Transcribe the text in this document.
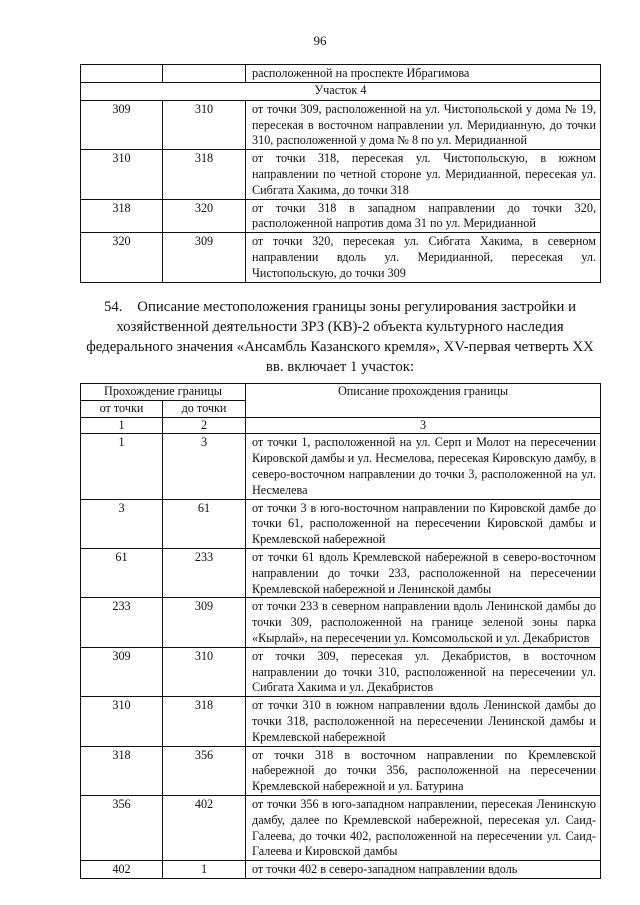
96
		расположенной на проспекте Ибрагимова
Участок 4		
309	310	от точки 309, расположенной на ул. Чистопольской у дома № 19, пересекая в восточном направлении ул. Меридианную, до точки 310, расположенной у дома № 8 по ул. Меридианной
310	318	от точки 318, пересекая ул. Чистопольскую, в южном направлении по четной стороне ул. Меридианной, пересекая ул. Сибгата Хакима, до точки 318
318	320	от точки 318 в западном направлении до точки 320, расположенной напротив дома 31 по ул. Меридианной
320	309	от точки 320, пересекая ул. Сибгата Хакима, в северном направлении вдоль ул. Меридианной, пересекая ул. Чистопольскую, до точки 309
54. Описание местоположения границы зоны регулирования застройки и хозяйственной деятельности ЗРЗ (КВ)-2 объекта культурного наследия федерального значения «Ансамбль Казанского кремля», XV-первая четверть XX вв. включает 1 участок:
Прохождение границы		Описание прохождения границы
от точки	до точки	
1	2	3
1	3	от точки 1, расположенной на ул. Серп и Молот на пересечении Кировской дамбы и ул. Несмелова, пересекая Кировскую дамбу, в северо-восточном направлении до точки 3, расположенной на ул. Несмелева
3	61	от точки 3 в юго-восточном направлении по Кировской дамбе до точки 61, расположенной на пересечении Кировской дамбы и Кремлевской набережной
61	233	от точки 61 вдоль Кремлевской набережной в северо-восточном направлении до точки 233, расположенной на пересечении Кремлевской набережной и Ленинской дамбы
233	309	от точки 233 в северном направлении вдоль Ленинской дамбы до точки 309, расположенной на границе зеленой зоны парка «Кырлай», на пересечении ул. Комсомольской и ул. Декабристов
309	310	от точки 309, пересекая ул. Декабристов, в восточном направлении до точки 310, расположенной на пересечении ул. Сибгата Хакима и ул. Декабристов
310	318	от точки 310 в южном направлении вдоль Ленинской дамбы до точки 318, расположенной на пересечении Ленинской дамбы и Кремлевской набережной
318	356	от точки 318 в восточном направлении по Кремлевской набережной до точки 356, расположенной на пересечении Кремлевской набережной и ул. Батурина
356	402	от точки 356 в юго-западном направлении, пересекая Ленинскую дамбу, далее по Кремлевской набережной, пересекая ул. Саид-Галеева, до точки 402, расположенной на пересечении ул. Саид-Галеева и Кировской дамбы
402	1	от точки 402 в северо-западном направлении вдоль
